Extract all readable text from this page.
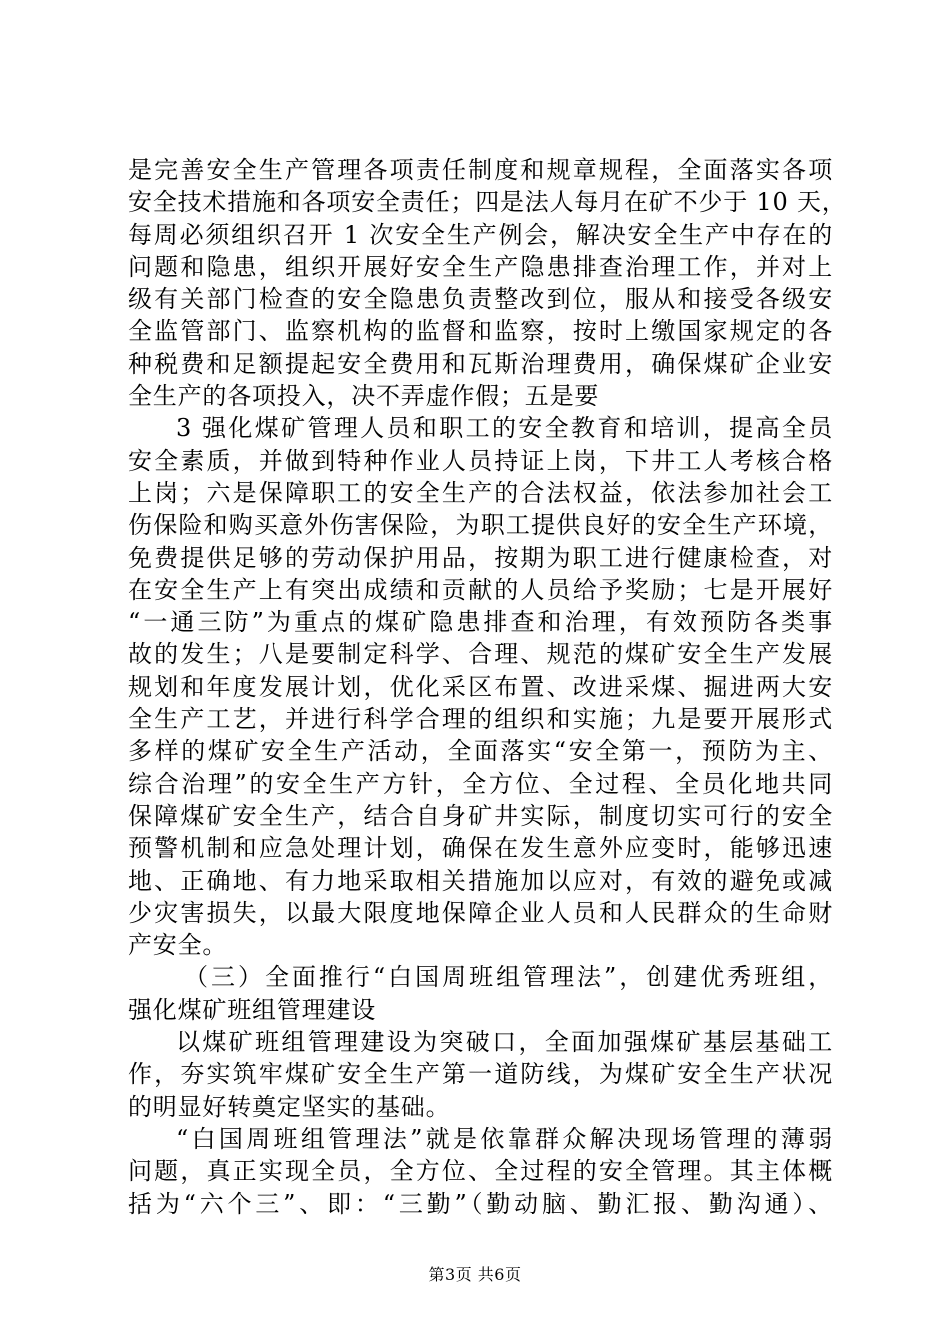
是完善安全生产管理各项责任制度和规章规程，全面落实各项
安全技术措施和各项安全责任；四是法人每月在矿不少于 10 天，
每周必须组织召开 1 次安全生产例会，解决安全生产中存在的
问题和隐患，组织开展好安全生产隐患排查治理工作，并对上
级有关部门检查的安全隐患负责整改到位，服从和接受各级安
全监管部门、监察机构的监督和监察，按时上缴国家规定的各
种税费和足额提起安全费用和瓦斯治理费用，确保煤矿企业安
全生产的各项投入，决不弄虚作假；五是要
3 强化煤矿管理人员和职工的安全教育和培训，提高全员
安全素质，并做到特种作业人员持证上岗，下井工人考核合格
上岗；六是保障职工的安全生产的合法权益，依法参加社会工
伤保险和购买意外伤害保险，为职工提供良好的安全生产环境，
免费提供足够的劳动保护用品，按期为职工进行健康检查，对
在安全生产上有突出成绩和贡献的人员给予奖励；七是开展好
“一通三防”为重点的煤矿隐患排查和治理，有效预防各类事
故的发生；八是要制定科学、合理、规范的煤矿安全生产发展
规划和年度发展计划，优化采区布置、改进采煤、掘进两大安
全生产工艺，并进行科学合理的组织和实施；九是要开展形式
多样的煤矿安全生产活动，全面落实“安全第一，预防为主、
综合治理”的安全生产方针，全方位、全过程、全员化地共同
保障煤矿安全生产，结合自身矿井实际，制度切实可行的安全
预警机制和应急处理计划，确保在发生意外应变时，能够迅速
地、正确地、有力地采取相关措施加以应对，有效的避免或减
少灾害损失，以最大限度地保障企业人员和人民群众的生命财
产安全。
（三）全面推行“白国周班组管理法”，创建优秀班组，
强化煤矿班组管理建设
以煤矿班组管理建设为突破口，全面加强煤矿基层基础工
作，夯实筑牢煤矿安全生产第一道防线，为煤矿安全生产状况
的明显好转奠定坚实的基础。
“白国周班组管理法”就是依靠群众解决现场管理的薄弱
问题，真正实现全员，全方位、全过程的安全管理。其主体概
括为“六个三”、即：“三勤”（勤动脑、勤汇报、勤沟通）、
第3页 共6页
